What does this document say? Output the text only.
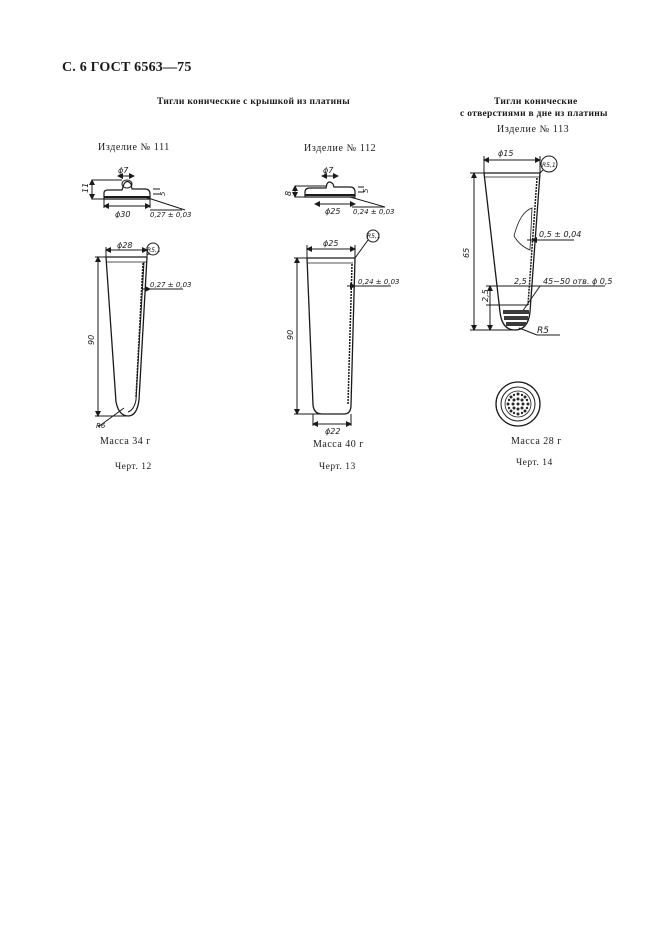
С. 6 ГОСТ 6563—75
Тигли конические с крышкой из платины	Тигли конические
с отверстиями в дне из платины
Изделие № 111	Изделие № 112
Изделие № 113
Масса 34 г	Масса 40 г	Масса 28 г
Черт. 12	Черт. 13	Черт. 14
11
ϕ7
5
ϕ30	0,27 ± 0,03
ϕ28
R5,1
0,27 ± 0,03
90
R6
8
ϕ7
5
ϕ25 0,24 ± 0,03
ϕ25
R5,1
0,24 ± 0,03
90
ϕ22
ϕ15
R5,1
0,5 ± 0,04
65
2,5
2,5 45−50 отв. ϕ 0,5
R5
